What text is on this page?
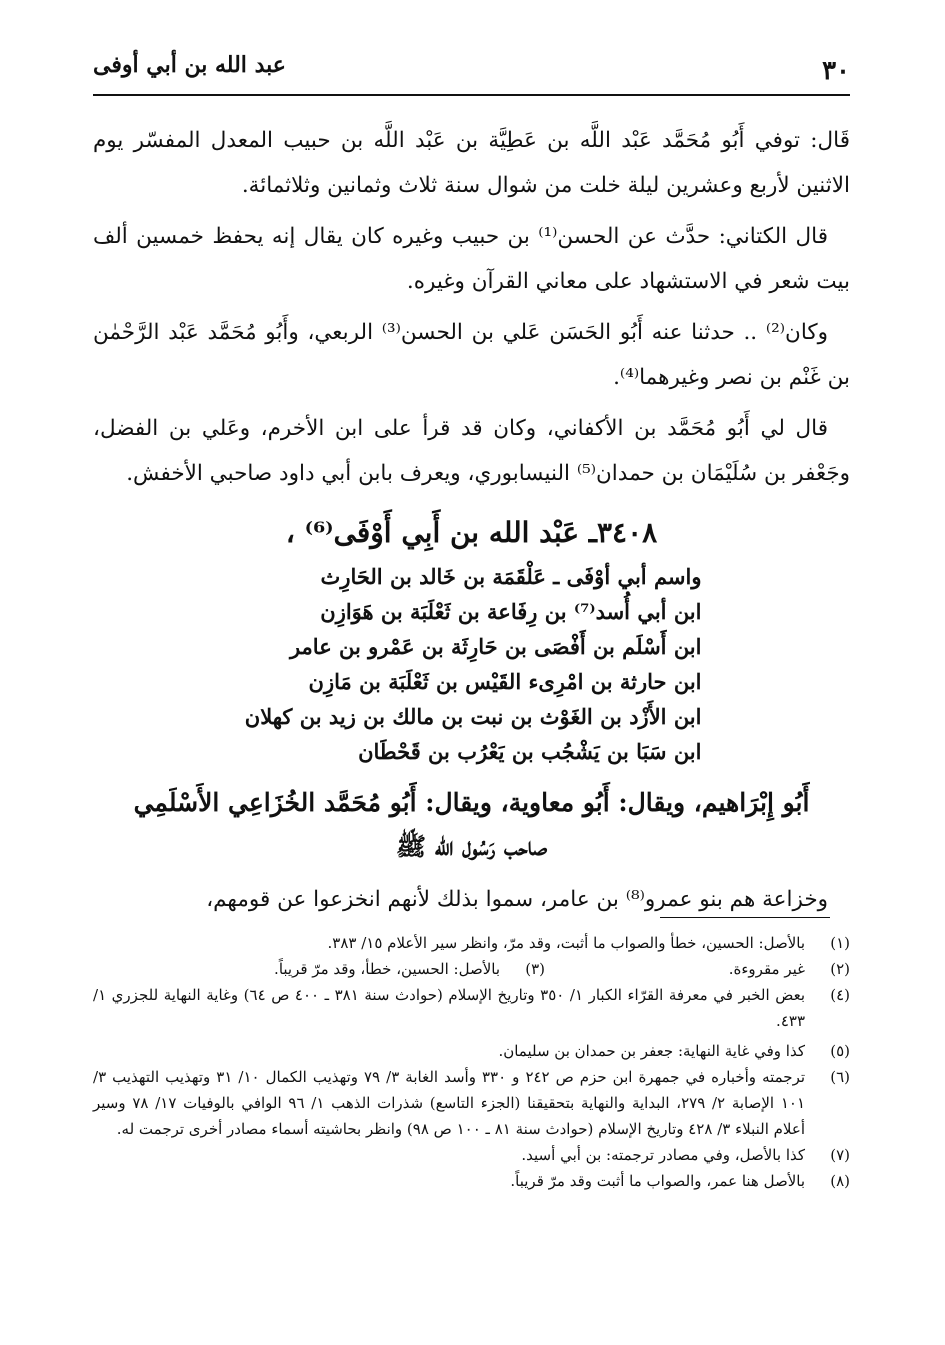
٣٠
عبد الله بن أبي أوفى

قَال: توفي أَبُو مُحَمَّد عَبْد اللَّه بن عَطِيَّة بن عَبْد اللَّه بن حبيب المعدل المفسّر يوم الاثنين لأربع وعشرين ليلة خلت من شوال سنة ثلاث وثمانين وثلاثمائة.

قال الكتاني: حدَّث عن الحسن⁽¹⁾ بن حبيب وغيره كان يقال إنه يحفظ خمسين ألف بيت شعر في الاستشهاد على معاني القرآن وغيره.

وكان⁽²⁾ .. حدثنا عنه أَبُو الحَسَن عَلي بن الحسن⁽³⁾ الربعي، وأَبُو مُحَمَّد عَبْد الرَّحْمٰن بن غَنْم بن نصر وغيرهما⁽⁴⁾.

قال لي أَبُو مُحَمَّد بن الأكفاني، وكان قد قرأ على ابن الأخرم، وعَلي بن الفضل، وجَعْفر بن سُلَيْمَان بن حمدان⁽⁵⁾ النيسابوري، ويعرف بابن أبي داود صاحبي الأخفش.

٣٤٠٨ـ عَبْد الله بن أَبِي أَوْفَى⁽⁶⁾ ،
واسم أبي أوْفَى ـ عَلْقَمَة بن خَالد بن الحَارِث
ابن أبي أُسد⁽⁷⁾ بن رِفَاعة بن ثَعْلَبَة بن هَوَازِن
ابن أَسْلَم بن أَفْصَى بن حَارِثَة بن عَمْرو بن عامر
ابن حارثة بن امْرِىء القَيْس بن ثَعْلَبَة بن مَازِن
ابن الأَزْد بن الغَوْث بن نبت بن مالك بن زيد بن كهلان
ابن سَبَا بن يَشْجُب بن يَعْرُب بن قَحْطَان
أَبُو إِبْرَاهيم، ويقال: أَبُو معاوية، ويقال: أَبُو مُحَمَّد الخُزَاعِي الأَسْلَمِي
صاحب رَسُول الله ﷺ

وخزاعة هم بنو عمرو⁽⁸⁾ بن عامر، سموا بذلك لأنهم انخزعوا عن قومهم،

(١)
بالأصل: الحسين، خطأ والصواب ما أثبت، وقد مرّ، وانظر سير الأعلام ١٥/ ٣٨٣.
(٢)
غير مقروءة.
(٣)
بالأصل: الحسين، خطأ، وقد مرّ قريباً.
(٤)
بعض الخبر في معرفة القرّاء الكبار ١/ ٣٥٠ وتاريخ الإسلام (حوادث سنة ٣٨١ ـ ٤٠٠ ص ٦٤) وغاية النهاية للجزري ١/ ٤٣٣.
(٥)
كذا وفي غاية النهاية: جعفر بن حمدان بن سليمان.
(٦)
ترجمته وأخباره في جمهرة ابن حزم ص ٢٤٢ و ٣٣٠ وأسد الغابة ٣/ ٧٩ وتهذيب الكمال ١٠/ ٣١ وتهذيب التهذيب ٣/ ١٠١ الإصابة ٢/ ٢٧٩، البداية والنهاية بتحقيقنا (الجزء التاسع) شذرات الذهب ١/ ٩٦ الوافي بالوفيات ١٧/ ٧٨ وسير أعلام النبلاء ٣/ ٤٢٨ وتاريخ الإسلام (حوادث سنة ٨١ ـ ١٠٠ ص ٩٨) وانظر بحاشيته أسماء مصادر أخرى ترجمت له.
(٧)
كذا بالأصل، وفي مصادر ترجمته: بن أبي أسيد.
(٨)
بالأصل هنا عمر، والصواب ما أثبت وقد مرّ قريباً.
